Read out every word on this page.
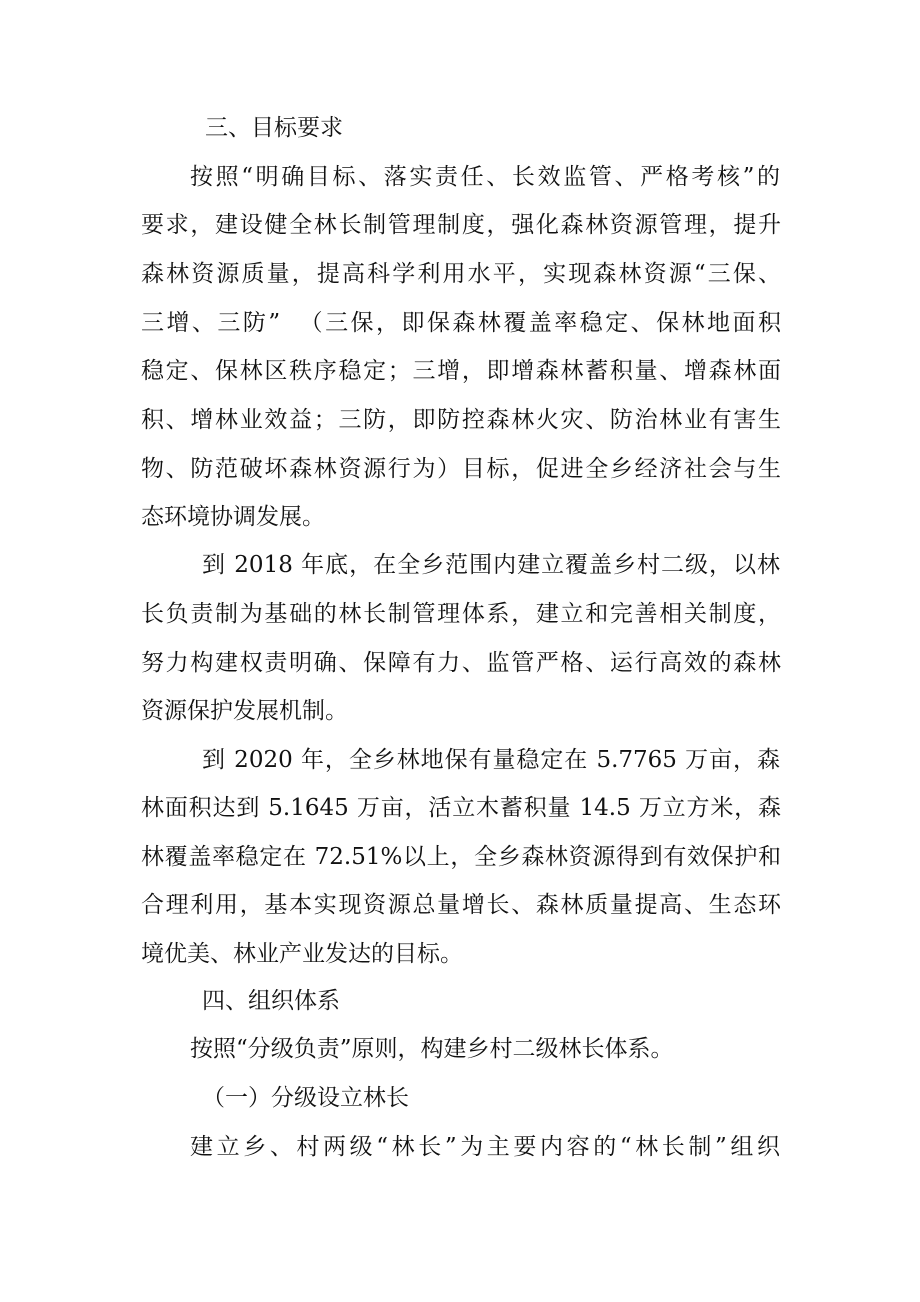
三、目标要求
按照“明确目标、落实责任、长效监管、严格考核”的
要求，建设健全林长制管理制度，强化森林资源管理，提升
森林资源质量，提高科学利用水平，实现森林资源“三保、
三增、三防”  （三保，即保森林覆盖率稳定、保林地面积
稳定、保林区秩序稳定；三增，即增森林蓄积量、增森林面
积、增林业效益；三防，即防控森林火灾、防治林业有害生
物、防范破坏森林资源行为）目标，促进全乡经济社会与生
态环境协调发展。
到 2018 年底，在全乡范围内建立覆盖乡村二级，以林
长负责制为基础的林长制管理体系，建立和完善相关制度，
努力构建权责明确、保障有力、监管严格、运行高效的森林
资源保护发展机制。
到 2020 年，全乡林地保有量稳定在 5.7765 万亩，森
林面积达到 5.1645 万亩，活立木蓄积量 14.5 万立方米，森
林覆盖率稳定在 72.51%以上，全乡森林资源得到有效保护和
合理利用，基本实现资源总量增长、森林质量提高、生态环
境优美、林业产业发达的目标。
四、组织体系
按照“分级负责”原则，构建乡村二级林长体系。
（一）分级设立林长
建立乡、村两级“林长”为主要内容的“林长制”组织
